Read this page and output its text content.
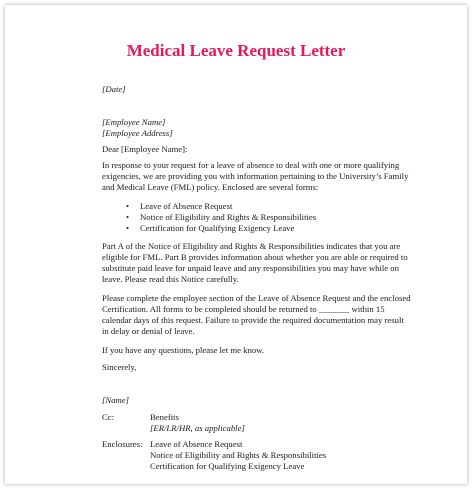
Medical Leave Request Letter
[Date]
[Employee Name]
[Employee Address]
Dear [Employee Name]:
In response to your request for a leave of absence to deal with one or more qualifying
exigencies, we are providing you with information pertaining to the University’s Family
and Medical Leave (FML) policy. Enclosed are several forms:
• Leave of Absence Request
• Notice of Eligibility and Rights & Responsibilities
• Certification for Qualifying Exigency Leave
Part A of the Notice of Eligibility and Rights & Responsibilities indicates that you are
eligible for FML. Part B provides information about whether you are able or required to
substitute paid leave for unpaid leave and any responsibilities you may have while on
leave. Please read this Notice carefully.
Please complete the employee section of the Leave of Absence Request and the enclosed
Certification. All forms to be completed should be returned to _______ within 15
calendar days of this request. Failure to provide the required documentation may result
in delay or denial of leave.
If you have any questions, please let me know.
Sincerely,
[Name]
Cc:	Benefits
[ER/LR/HR, as applicable]
Enclosures: Leave of Absence Request
Notice of Eligibility and Rights & Responsibilities
Certification for Qualifying Exigency Leave
